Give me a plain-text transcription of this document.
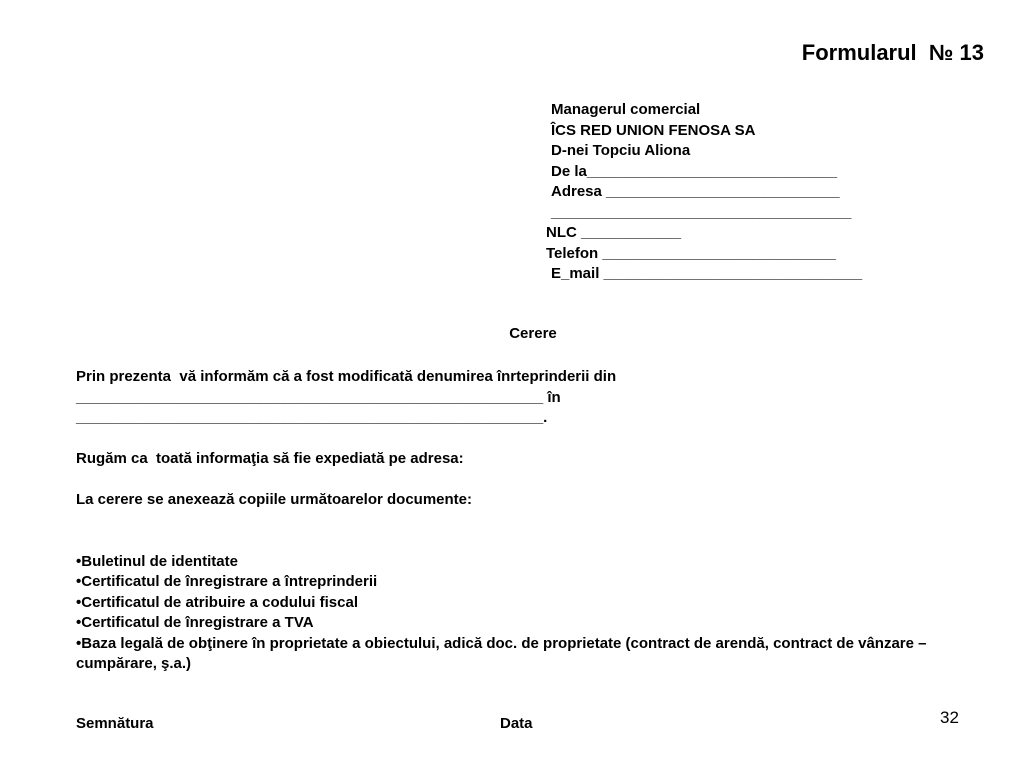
Formularul  № 13
Managerul comercial
ÎCS RED UNION FENOSA SA
D-nei Topciu Aliona
De la______________________________
Adresa ____________________________
____________________________________
NLC ____________
Telefon ____________________________
E_mail _______________________________
Cerere
Prin prezenta  vă informăm că a fost modificată denumirea înrteprinderii din
________________________________________________________ în
________________________________________________________.
Rugăm ca  toată informaţia să fie expediată pe adresa:
La cerere se anexează copiile următoarelor documente:
•Buletinul de identitate
•Certificatul de înregistrare a întreprinderii
•Certificatul de atribuire a codului fiscal
•Certificatul de înregistrare a TVA
•Baza legală de obţinere în proprietate a obiectului, adică doc. de proprietate (contract de arendă, contract de vânzare – cumpărare, ş.a.)
Semnătura	Data	32
